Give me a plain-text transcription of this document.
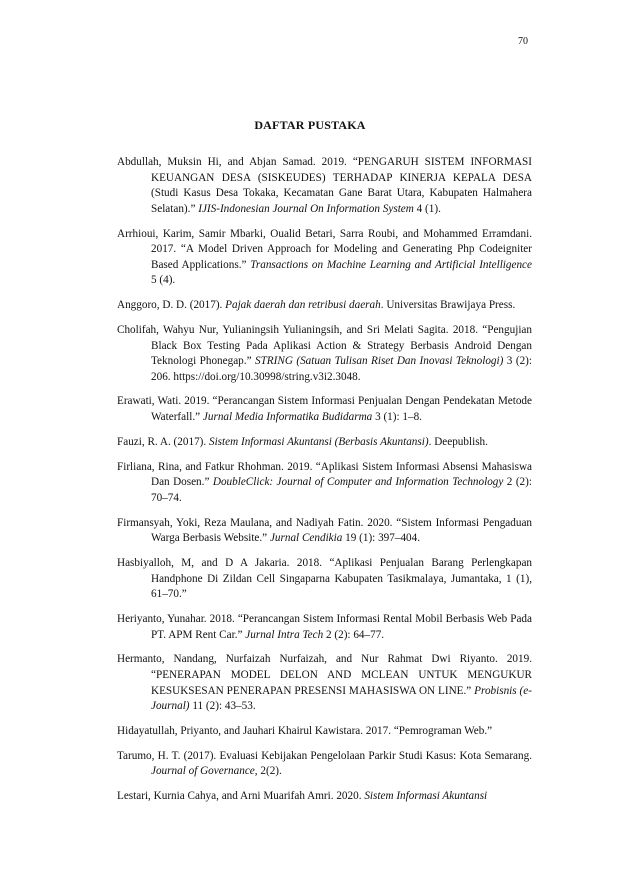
70
DAFTAR PUSTAKA

Abdullah, Muksin Hi, and Abjan Samad. 2019. “PENGARUH SISTEM INFORMASI KEUANGAN DESA (SISKEUDES) TERHADAP KINERJA KEPALA DESA (Studi Kasus Desa Tokaka, Kecamatan Gane Barat Utara, Kabupaten Halmahera Selatan).” IJIS-Indonesian Journal On Information System 4 (1).

Arrhioui, Karim, Samir Mbarki, Oualid Betari, Sarra Roubi, and Mohammed Erramdani. 2017. “A Model Driven Approach for Modeling and Generating Php Codeigniter Based Applications.” Transactions on Machine Learning and Artificial Intelligence 5 (4).

Anggoro, D. D. (2017). Pajak daerah dan retribusi daerah. Universitas Brawijaya Press.

Cholifah, Wahyu Nur, Yulianingsih Yulianingsih, and Sri Melati Sagita. 2018. “Pengujian Black Box Testing Pada Aplikasi Action & Strategy Berbasis Android Dengan Teknologi Phonegap.” STRING (Satuan Tulisan Riset Dan Inovasi Teknologi) 3 (2): 206. https://doi.org/10.30998/string.v3i2.3048.

Erawati, Wati. 2019. “Perancangan Sistem Informasi Penjualan Dengan Pendekatan Metode Waterfall.” Jurnal Media Informatika Budidarma 3 (1): 1–8.

Fauzi, R. A. (2017). Sistem Informasi Akuntansi (Berbasis Akuntansi). Deepublish.

Firliana, Rina, and Fatkur Rhohman. 2019. “Aplikasi Sistem Informasi Absensi Mahasiswa Dan Dosen.” DoubleClick: Journal of Computer and Information Technology 2 (2): 70–74.

Firmansyah, Yoki, Reza Maulana, and Nadiyah Fatin. 2020. “Sistem Informasi Pengaduan Warga Berbasis Website.” Jurnal Cendikia 19 (1): 397–404.

Hasbiyalloh, M, and D A Jakaria. 2018. “Aplikasi Penjualan Barang Perlengkapan Handphone Di Zildan Cell Singaparna Kabupaten Tasikmalaya, Jumantaka, 1 (1), 61–70.”

Heriyanto, Yunahar. 2018. “Perancangan Sistem Informasi Rental Mobil Berbasis Web Pada PT. APM Rent Car.” Jurnal Intra Tech 2 (2): 64–77.

Hermanto, Nandang, Nurfaizah Nurfaizah, and Nur Rahmat Dwi Riyanto. 2019. “PENERAPAN MODEL DELON AND MCLEAN UNTUK MENGUKUR KESUKSESAN PENERAPAN PRESENSI MAHASISWA ON LINE.” Probisnis (e-Journal) 11 (2): 43–53.

Hidayatullah, Priyanto, and Jauhari Khairul Kawistara. 2017. “Pemrograman Web.”

Tarumo, H. T. (2017). Evaluasi Kebijakan Pengelolaan Parkir Studi Kasus: Kota Semarang. Journal of Governance, 2(2).

Lestari, Kurnia Cahya, and Arni Muarifah Amri. 2020. Sistem Informasi Akuntansi
